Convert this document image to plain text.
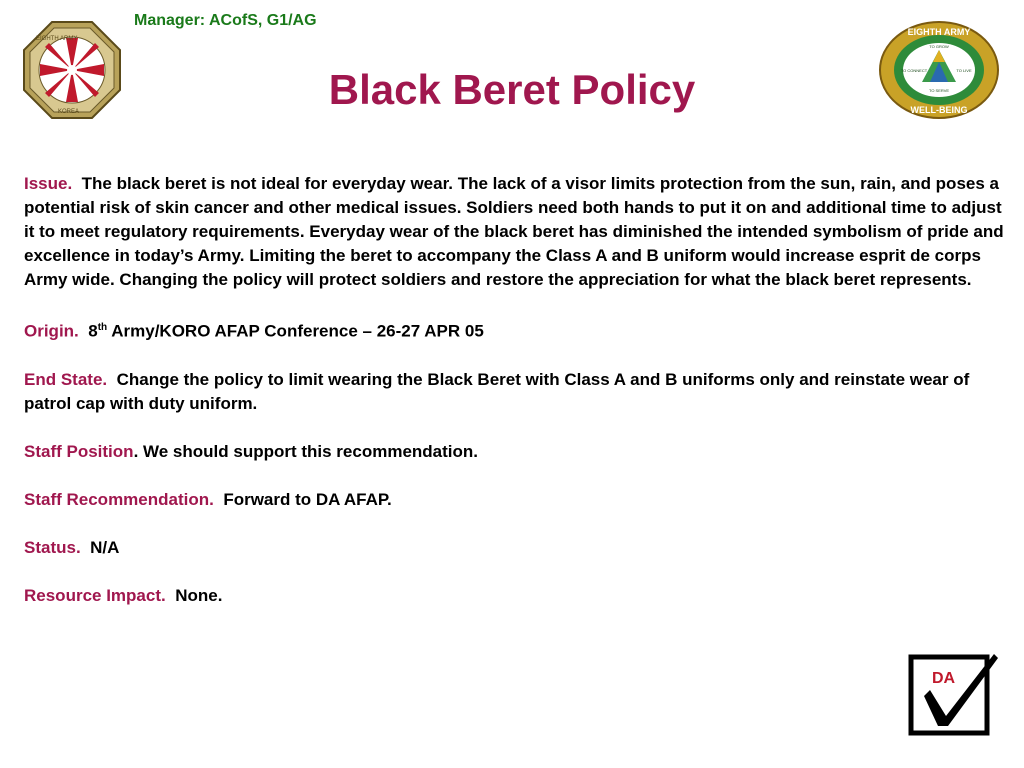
Manager: ACofS, G1/AG
Black Beret Policy
EIGHTH ARMY
KOREA
EIGHTH ARMY
WELL-BEING
TO GROW
TO CONNECT	TO LIVE
TO SERVE

Issue. The black beret is not ideal for everyday wear. The lack of a visor limits protection from the sun, rain, and poses a potential risk of skin cancer and other medical issues. Soldiers need both hands to put it on and additional time to adjust it to meet regulatory requirements. Everyday wear of the black beret has diminished the intended symbolism of pride and excellence in today’s Army. Limiting the beret to accompany the Class A and B uniform would increase esprit de corps Army wide. Changing the policy will protect soldiers and restore the appreciation for what the black beret represents.

Origin. 8th Army/KORO AFAP Conference – 26-27 APR 05

End State. Change the policy to limit wearing the Black Beret with Class A and B uniforms only and reinstate wear of patrol cap with duty uniform.

Staff Position. We should support this recommendation.

Staff Recommendation. Forward to DA AFAP.

Status. N/A

Resource Impact. None.

DA
